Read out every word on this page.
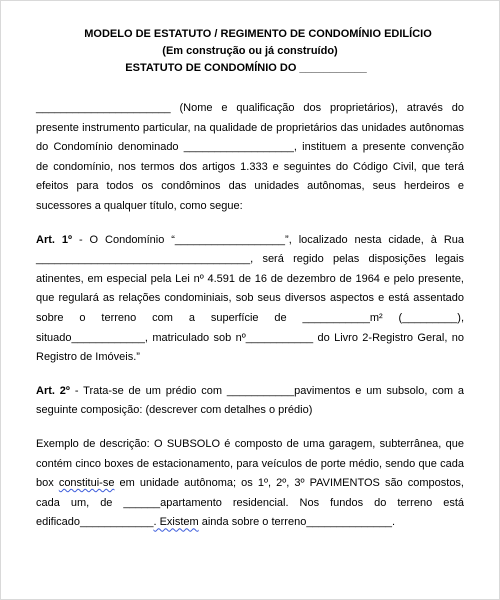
MODELO DE ESTATUTO / REGIMENTO DE CONDOMÍNIO EDILÍCIO
(Em construção ou já construído)
ESTATUTO DE CONDOMÍNIO DO ___________

______________________ (Nome e qualificação dos proprietários), através do presente instrumento particular, na qualidade de proprietários das unidades autônomas do Condomínio denominado __________________, instituem a presente convenção de condomínio, nos termos dos artigos 1.333 e seguintes do Código Civil, que terá efeitos para todos os condôminos das unidades autônomas, seus herdeiros e sucessores a qualquer título, como segue:

Art. 1º - O Condomínio “__________________”, localizado nesta cidade, à Rua ___________________________________, será regido pelas disposições legais atinentes, em especial pela Lei nº 4.591 de 16 de dezembro de 1964 e pelo presente, que regulará as relações condominiais, sob seus diversos aspectos e está assentado sobre o terreno com a superfície de ___________m² (_________), situado____________, matriculado sob nº___________ do Livro 2-Registro Geral, no Registro de Imóveis.”

Art. 2º - Trata-se de um prédio com ___________pavimentos e um subsolo, com a seguinte composição: (descrever com detalhes o prédio)

Exemplo de descrição: O SUBSOLO é composto de uma garagem, subterrânea, que contém cinco boxes de estacionamento, para veículos de porte médio, sendo que cada box constitui-se em unidade autônoma; os 1º, 2º, 3º PAVIMENTOS são compostos, cada um, de ______apartamento residencial. Nos fundos do terreno está edificado____________. Existem ainda sobre o terreno______________.
